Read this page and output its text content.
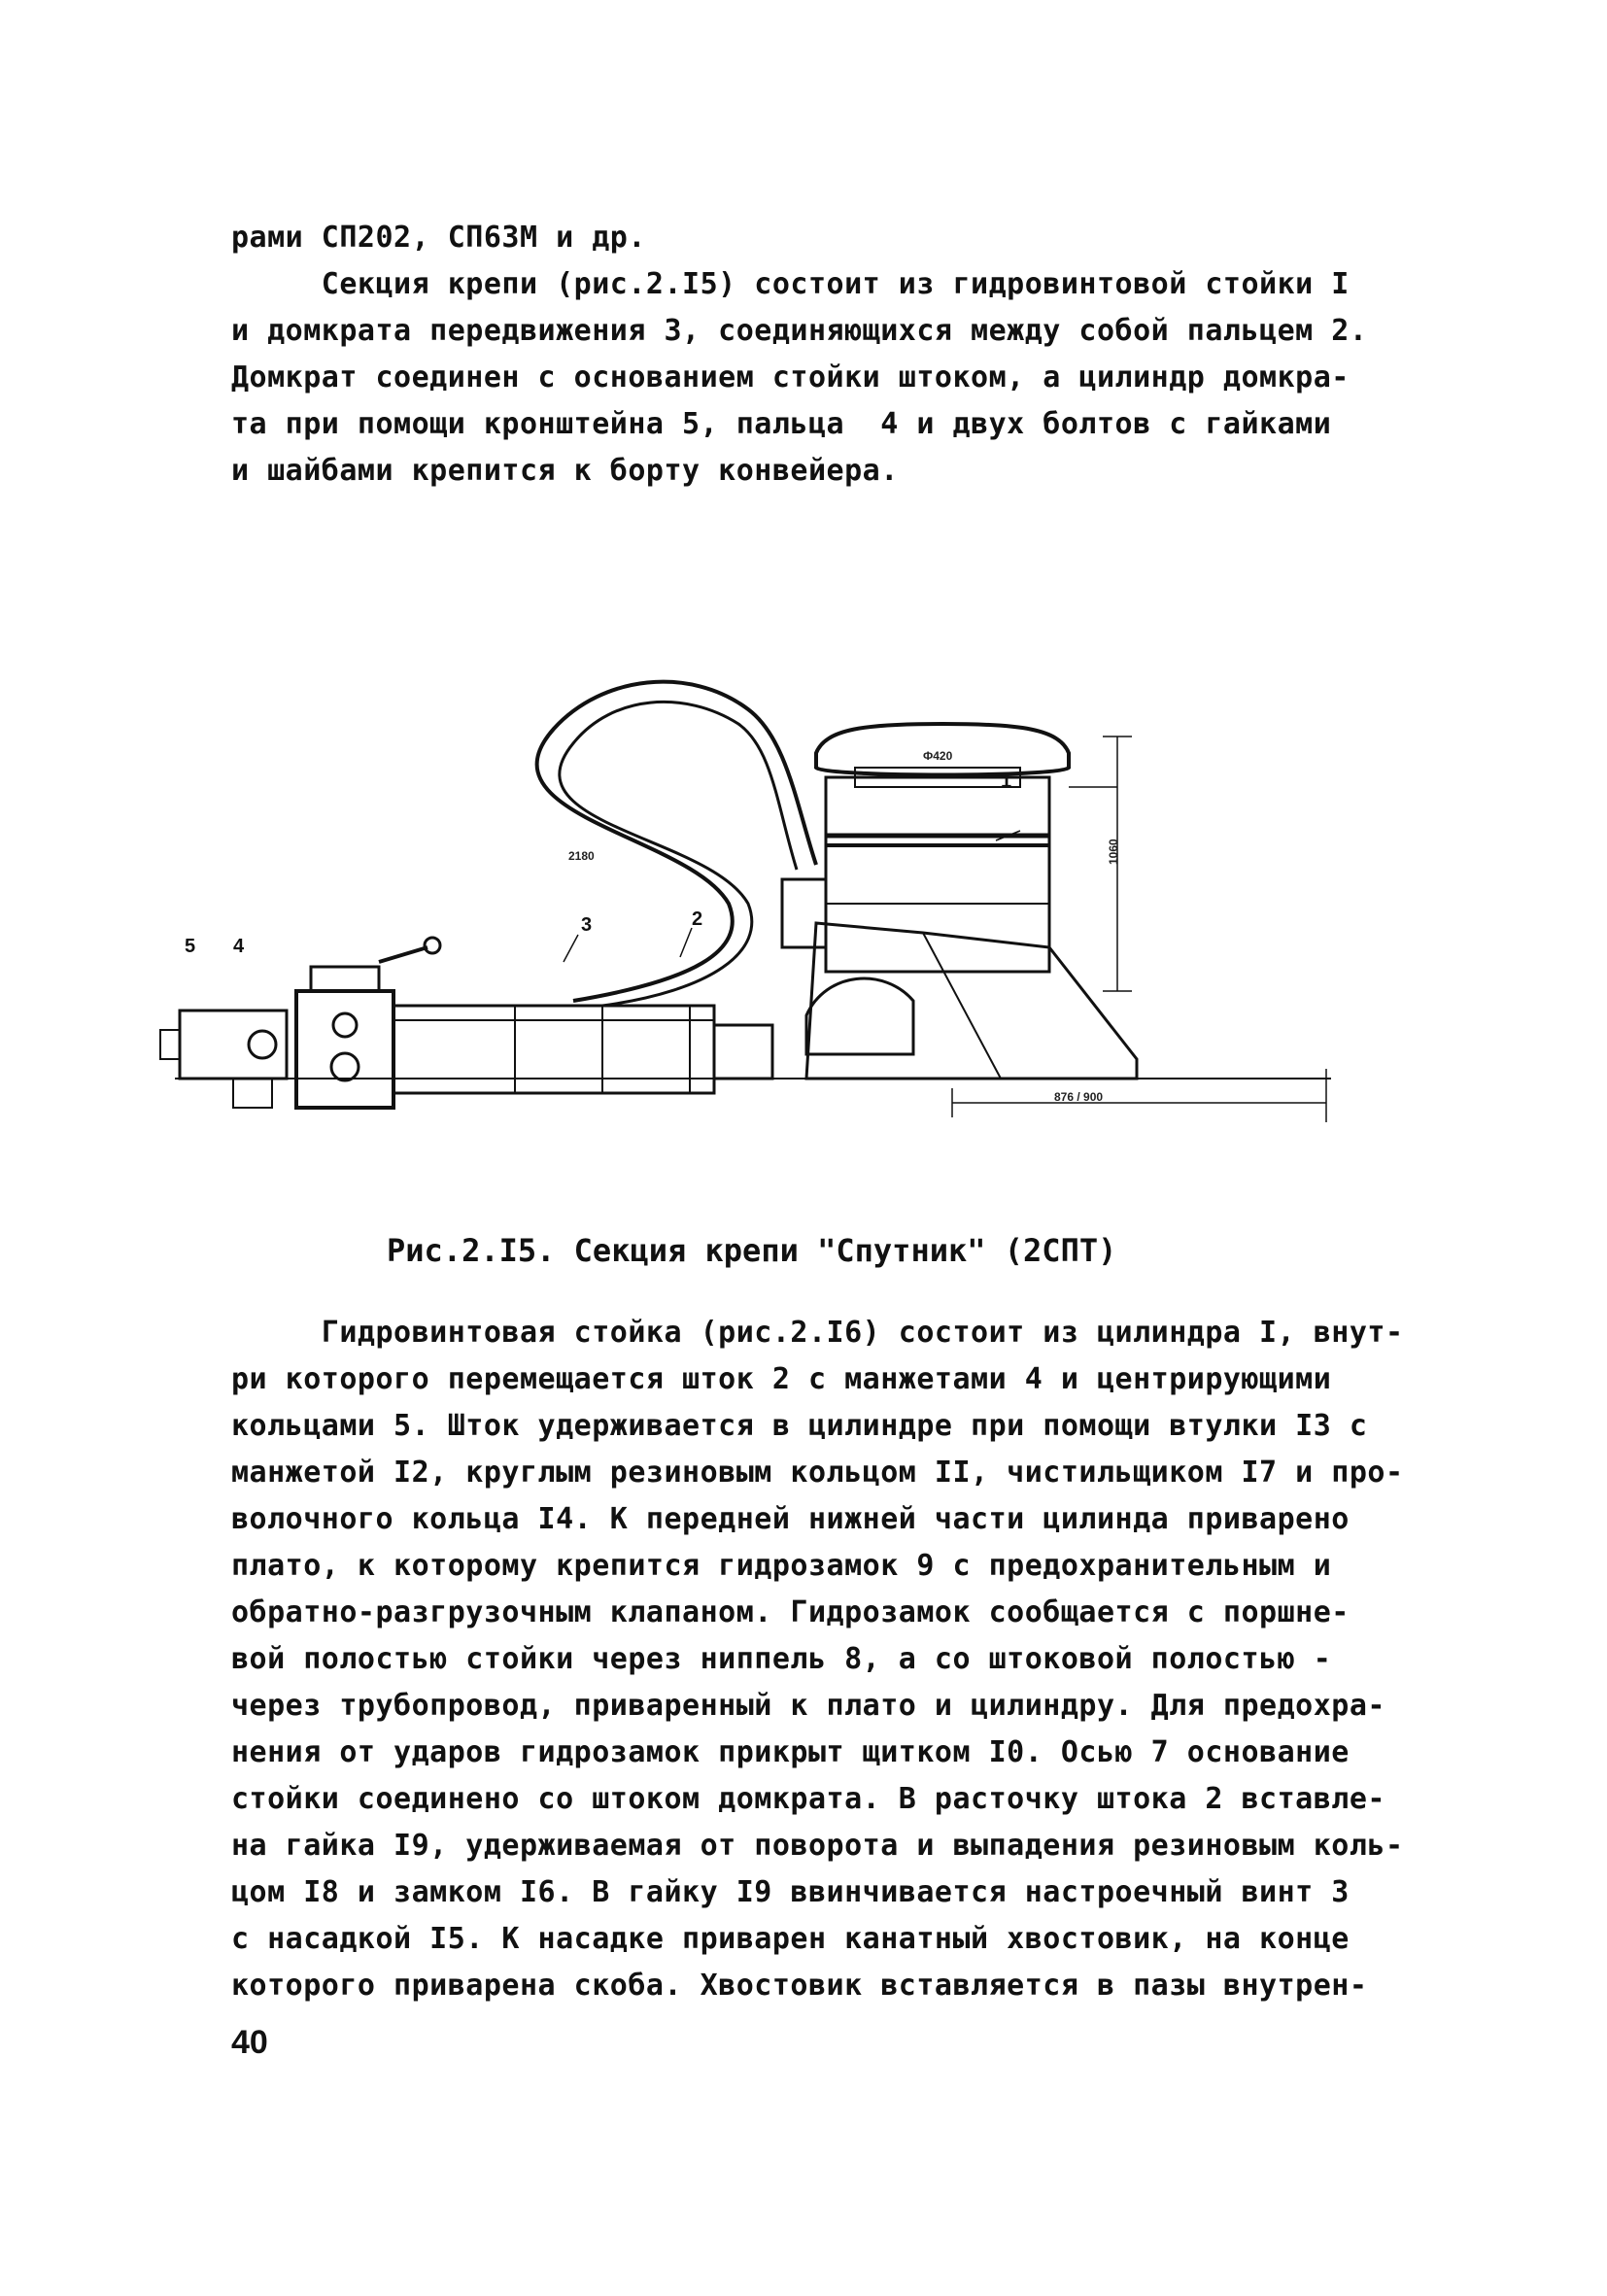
рами СП202, СП63М и др.
Секция крепи (рис.2.I5) состоит из гидровинтовой стойки I
и домкрата передвижения 3, соединяющихся между собой пальцем 2.
Домкрат соединен с основанием стойки штоком, а цилиндр домкра-
та при помощи кронштейна 5, пальца  4 и двух болтов с гайками
и шайбами крепится к борту конвейера.
5 4
3	2
1
2180
Ф420
1060
876 / 900
Рис.2.I5. Секция крепи "Спутник" (2СПТ)
Гидровинтовая стойка (рис.2.I6) состоит из цилиндра I, внут-
ри которого перемещается шток 2 с манжетами 4 и центрирующими
кольцами 5. Шток удерживается в цилиндре при помощи втулки I3 с
манжетой I2, круглым резиновым кольцом II, чистильщиком I7 и про-
волочного кольца I4. К передней нижней части цилинда приварено
плато, к которому крепится гидрозамок 9 с предохранительным и
обратно-разгрузочным клапаном. Гидрозамок сообщается с поршне-
вой полостью стойки через ниппель 8, а со штоковой полостью -
через трубопровод, приваренный к плато и цилиндру. Для предохра-
нения от ударов гидрозамок прикрыт щитком I0. Осью 7 основание
стойки соединено со штоком домкрата. В расточку штока 2 вставле-
на гайка I9, удерживаемая от поворота и выпадения резиновым коль-
цом I8 и замком I6. В гайку I9 ввинчивается настроечный винт 3
с насадкой I5. К насадке приварен канатный хвостовик, на конце
которого приварена скоба. Хвостовик вставляется в пазы внутрен-
40
